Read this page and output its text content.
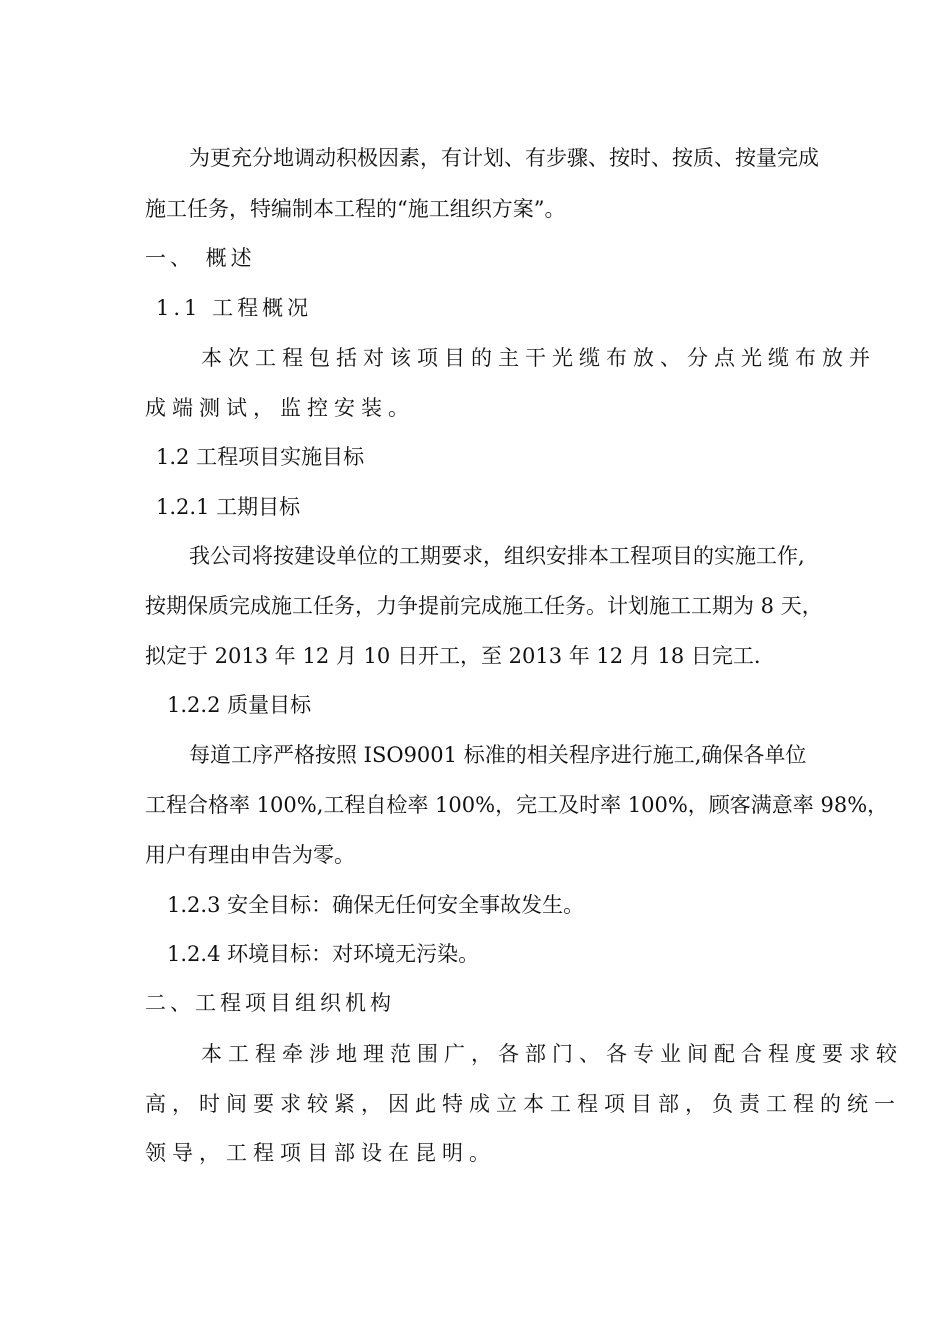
为更充分地调动积极因素，有计划、有步骤、按时、按质、按量完成
施工任务，特编制本工程的“施工组织方案”。
一、 概述
1.1 工程概况
本次工程包括对该项目的主干光缆布放、分点光缆布放并
成端测试，监控安装。
1.2 工程项目实施目标
1.2.1 工期目标
我公司将按建设单位的工期要求，组织安排本工程项目的实施工作,
按期保质完成施工任务，力争提前完成施工任务。计划施工工期为 8 天，
拟定于 2013 年 12 月 10 日开工，至 2013 年 12 月 18 日完工.
1.2.2 质量目标
每道工序严格按照 ISO9001 标准的相关程序进行施工,确保各单位
工程合格率 100%,工程自检率 100%，完工及时率 100%，顾客满意率 98%，
用户有理由申告为零。
1.2.3 安全目标：确保无任何安全事故发生。
1.2.4 环境目标：对环境无污染。
二、工程项目组织机构
本工程牵涉地理范围广，各部门、各专业间配合程度要求较
高，时间要求较紧，因此特成立本工程项目部，负责工程的统一
领导，工程项目部设在昆明。
